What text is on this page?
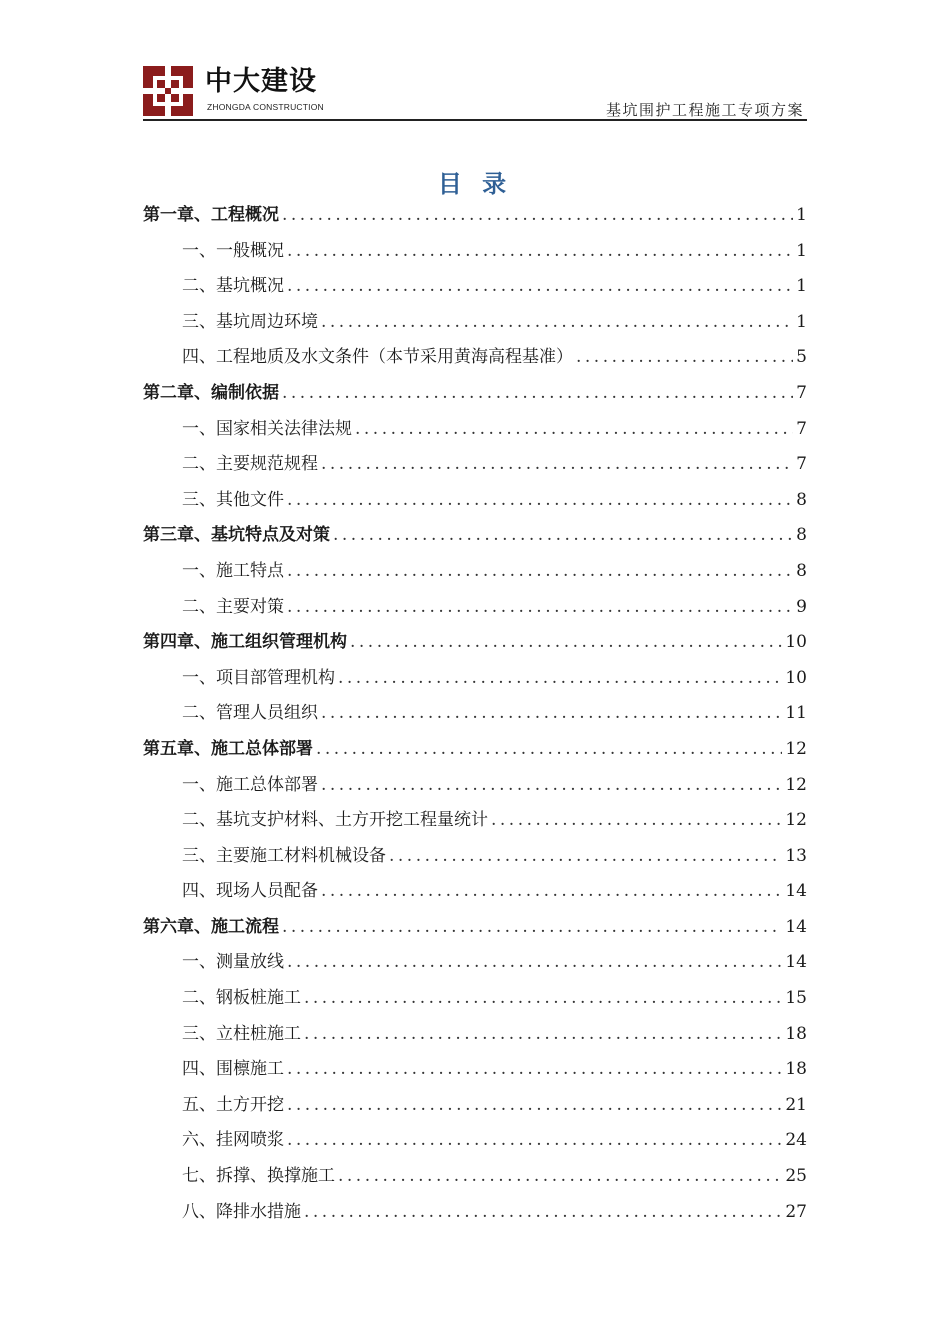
中大建设
ZHONGDA CONSTRUCTION	基坑围护工程施工专项方案
目 录
第一章、工程概况 .....	1
一、一般概况 .....	1
二、基坑概况 .....	1
三、基坑周边环境 .....	1
四、工程地质及水文条件（本节采用黄海高程基准） .....	5
第二章、编制依据 .....	7
一、国家相关法律法规 .....	7
二、主要规范规程 .....	7
三、其他文件 .....	8
第三章、基坑特点及对策 .....	8
一、施工特点 .....	8
二、主要对策 .....	9
第四章、施工组织管理机构 .....	10
一、项目部管理机构 .....	10
二、管理人员组织 .....	11
第五章、施工总体部署 .....	12
一、施工总体部署 .....	12
二、基坑支护材料、土方开挖工程量统计 .....	12
三、主要施工材料机械设备 .....	13
四、现场人员配备 .....	14
第六章、施工流程 .....	14
一、测量放线 .....	14
二、钢板桩施工 .....	15
三、立柱桩施工 .....	18
四、围檩施工 .....	18
五、土方开挖 .....	21
六、挂网喷浆 .....	24
七、拆撑、换撑施工 .....	25
八、降排水措施 .....	27
